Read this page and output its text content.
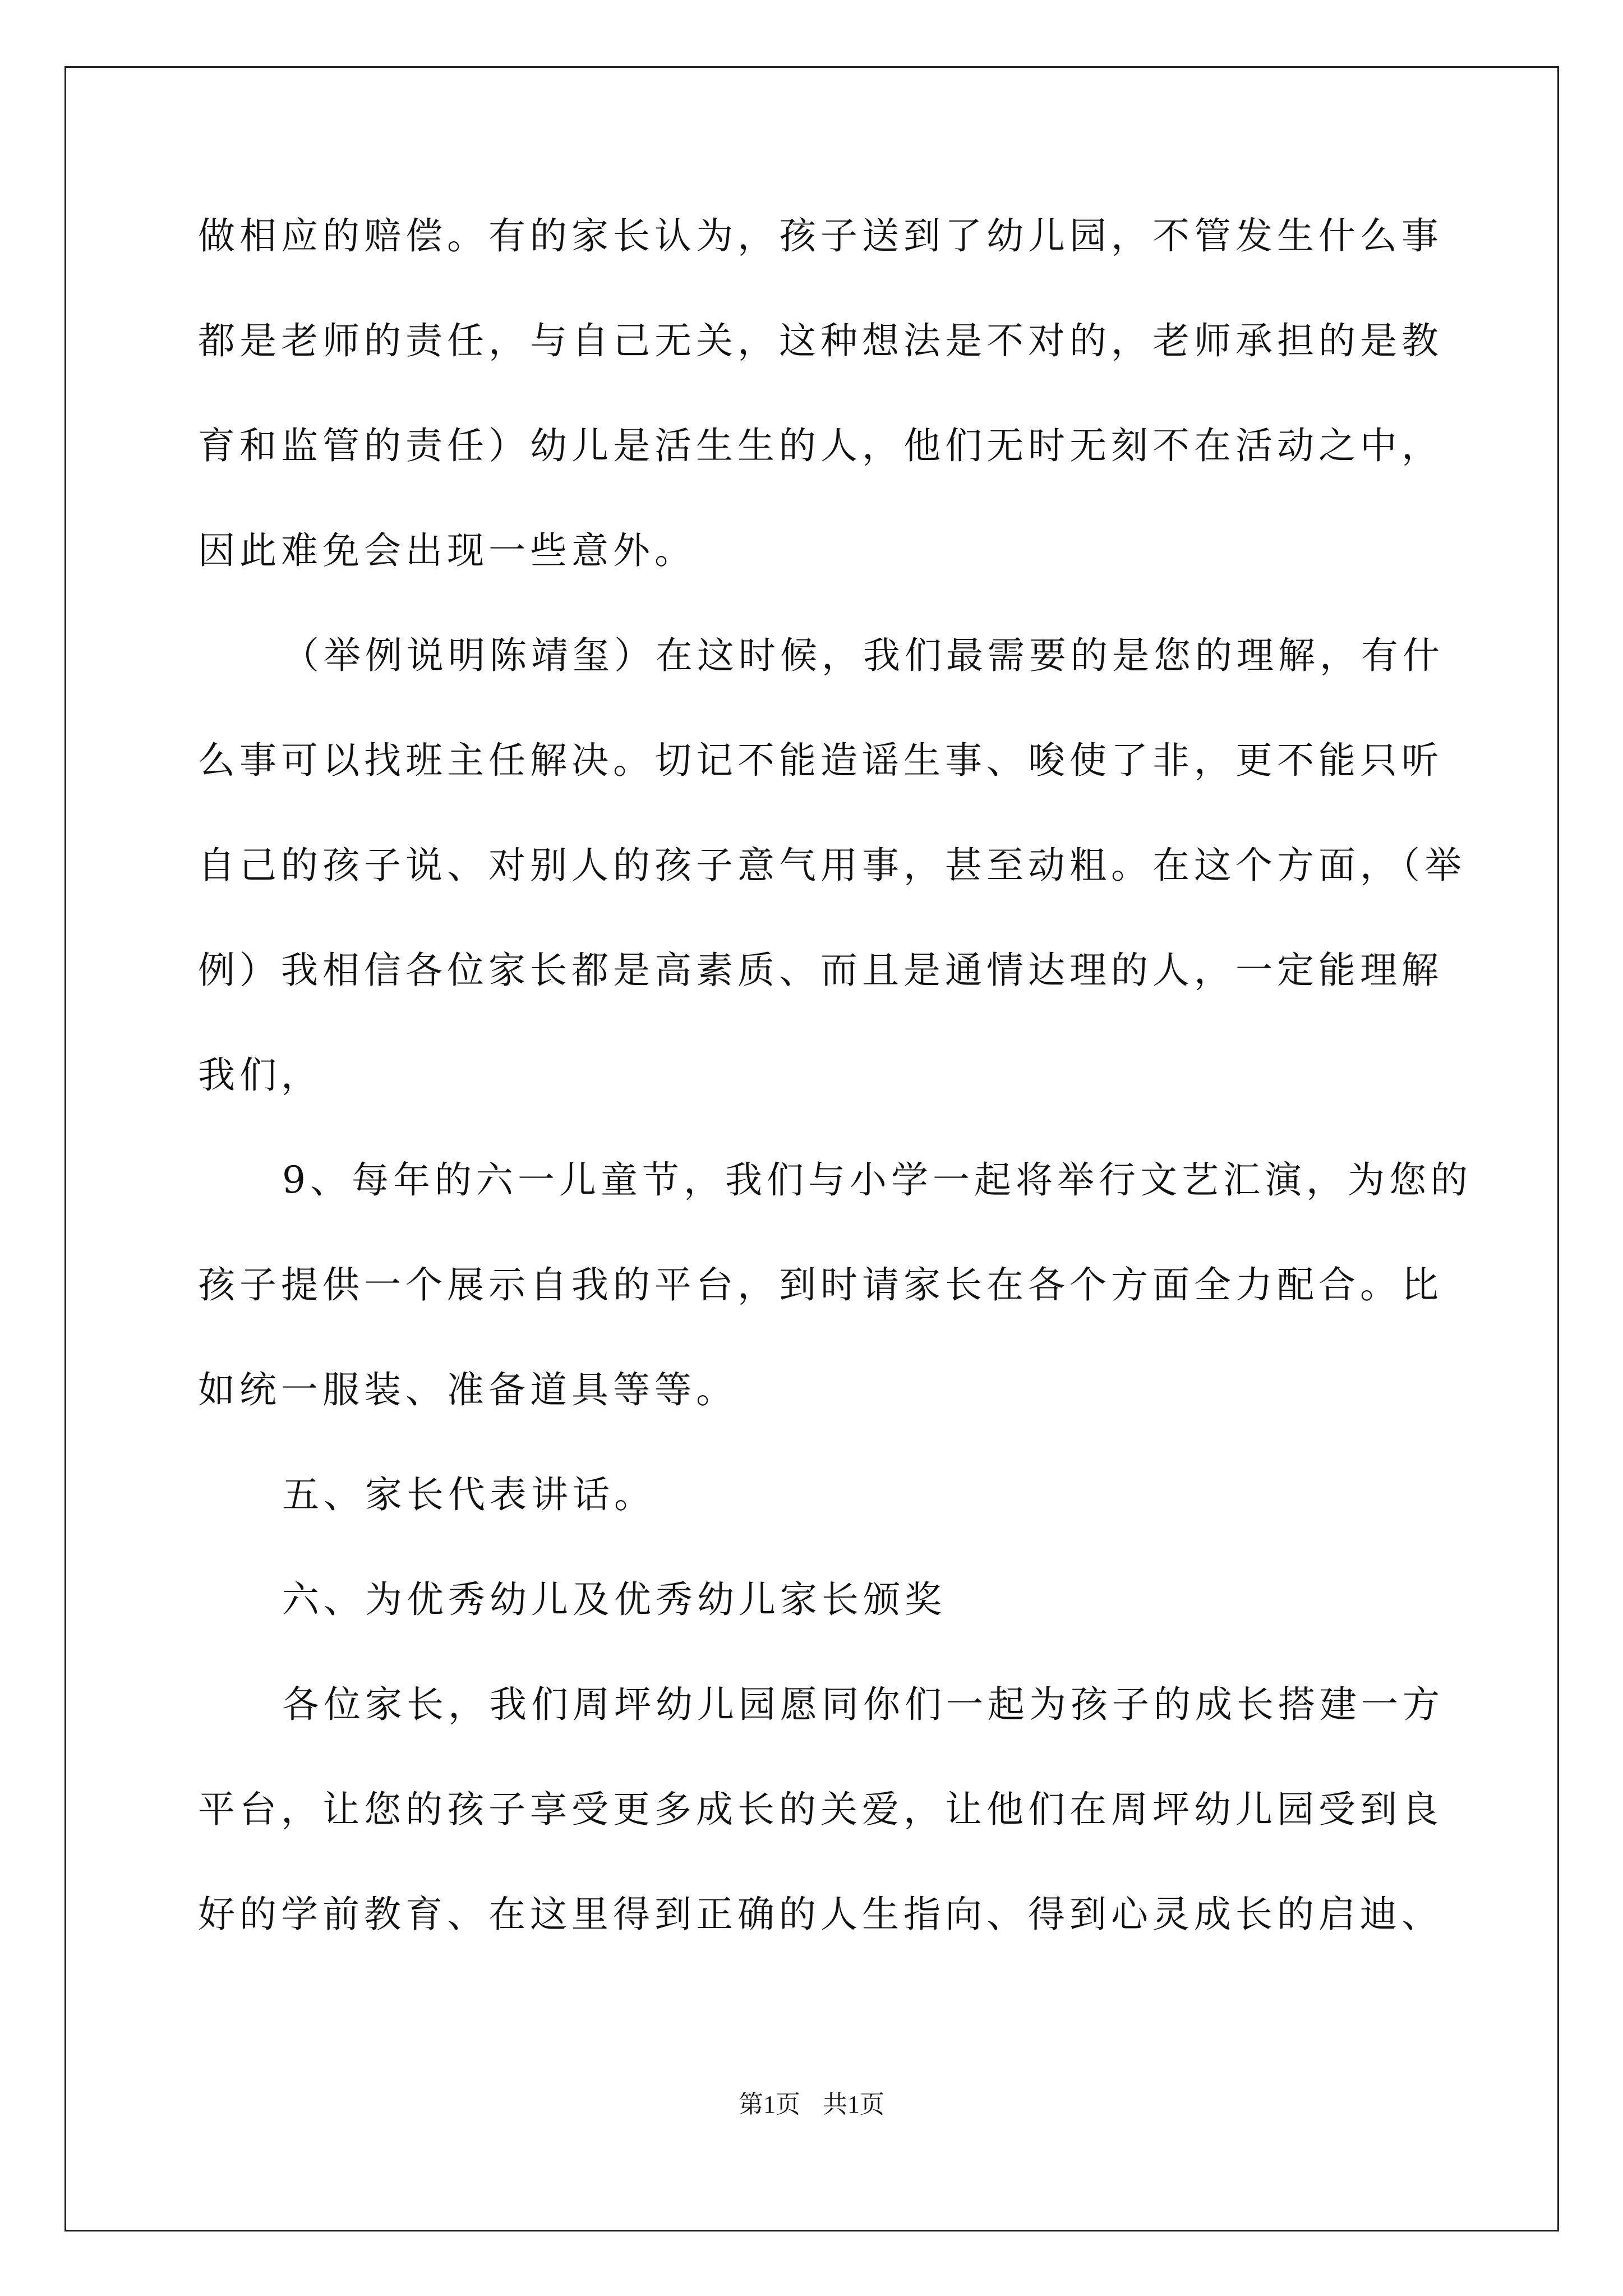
做相应的赔偿。有的家长认为，孩子送到了幼儿园，不管发生什么事
都是老师的责任，与自己无关，这种想法是不对的，老师承担的是教
育和监管的责任）幼儿是活生生的人，他们无时无刻不在活动之中，
因此难免会出现一些意外。
（举例说明陈靖玺）在这时候，我们最需要的是您的理解，有什
么事可以找班主任解决。切记不能造谣生事、唆使了非，更不能只听
自己的孩子说、对别人的孩子意气用事，甚至动粗。在这个方面，（举
例）我相信各位家长都是高素质、而且是通情达理的人，一定能理解
我们，
9、每年的六一儿童节，我们与小学一起将举行文艺汇演，为您的
孩子提供一个展示自我的平台，到时请家长在各个方面全力配合。比
如统一服装、准备道具等等。
五、家长代表讲话。
六、为优秀幼儿及优秀幼儿家长颁奖
各位家长，我们周坪幼儿园愿同你们一起为孩子的成长搭建一方
平台，让您的孩子享受更多成长的关爱，让他们在周坪幼儿园受到良
好的学前教育、在这里得到正确的人生指向、得到心灵成长的启迪、
第1页 共1页
